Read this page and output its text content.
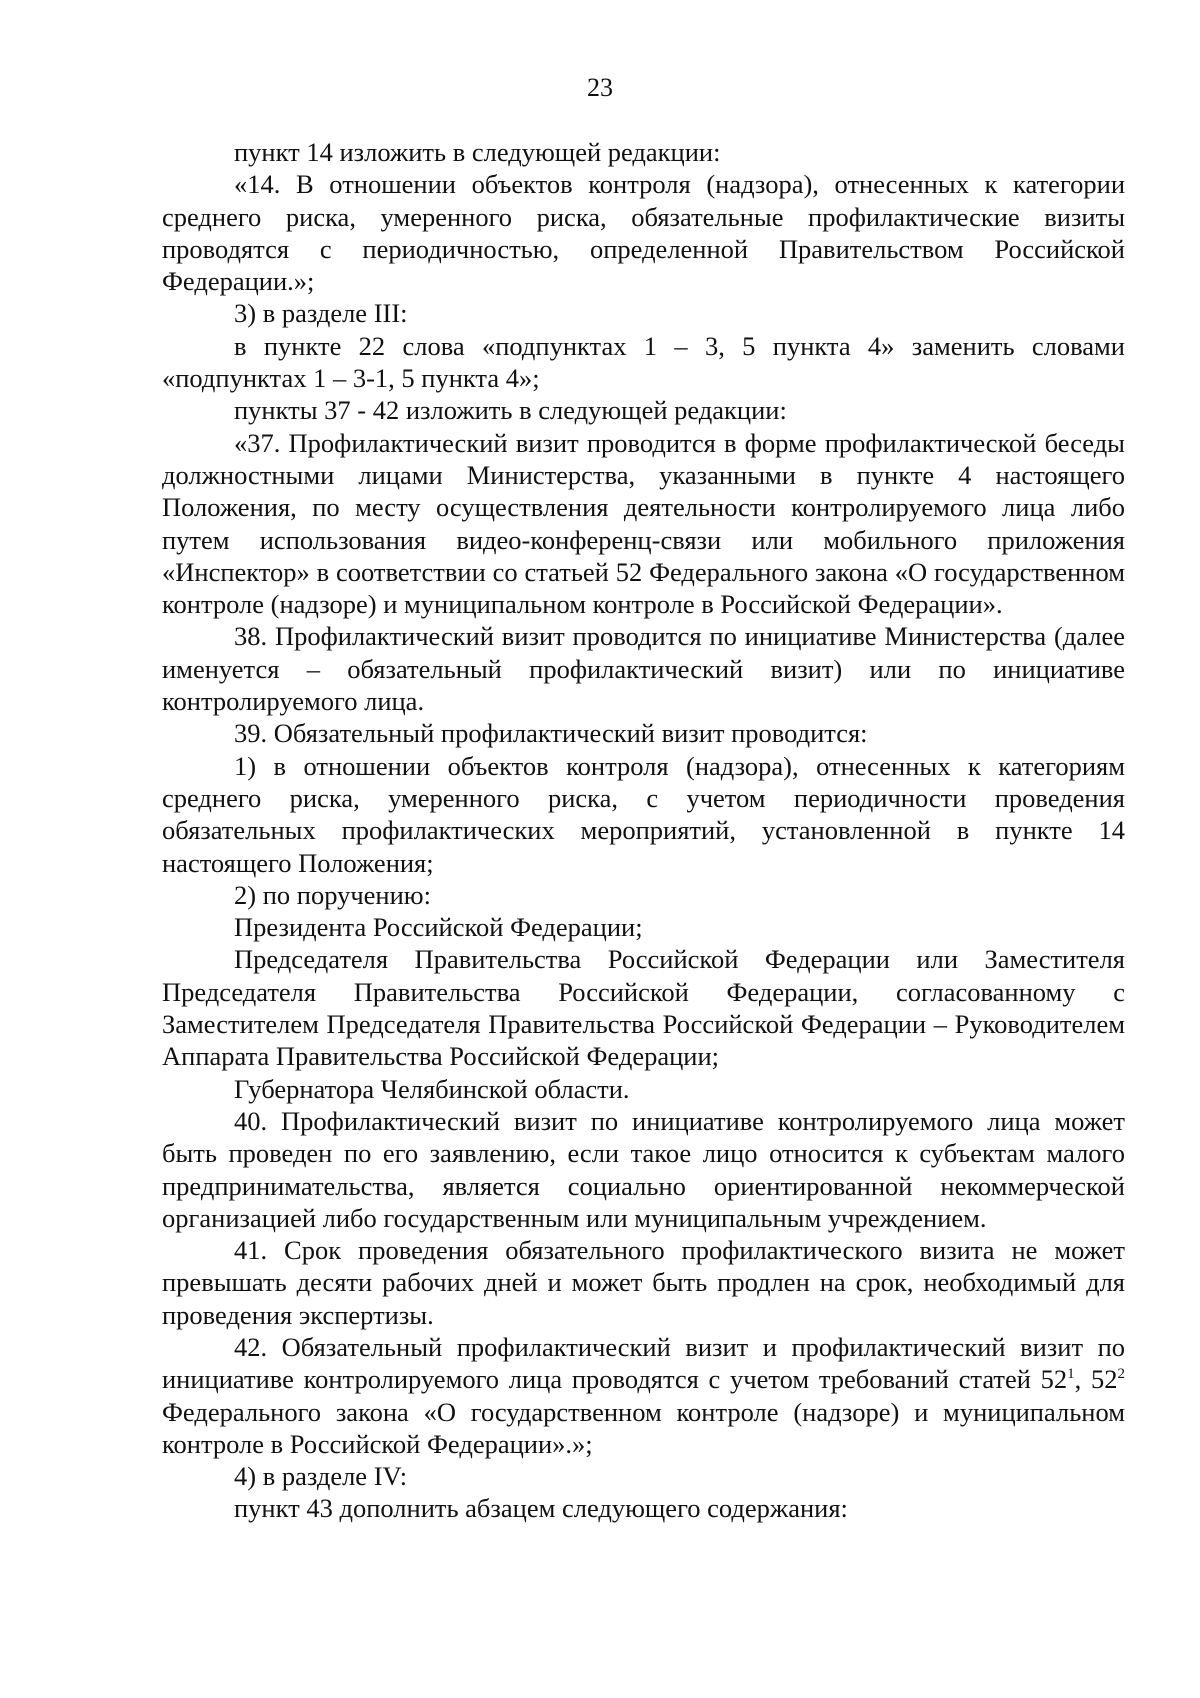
23

пункт 14 изложить в следующей редакции:

«14. В отношении объектов контроля (надзора), отнесенных к категории среднего риска, умеренного риска, обязательные профилактические визиты проводятся с периодичностью, определенной Правительством Российской Федерации.»;

3) в разделе III:

в пункте 22 слова «подпунктах 1 – 3, 5 пункта 4» заменить словами «подпунктах 1 – 3-1, 5 пункта 4»;

пункты 37 - 42 изложить в следующей редакции:

«37. Профилактический визит проводится в форме профилактической беседы должностными лицами Министерства, указанными в пункте 4 настоящего Положения, по месту осуществления деятельности контролируемого лица либо путем использования видео-конференц-связи или мобильного приложения «Инспектор» в соответствии со статьей 52 Федерального закона «О государственном контроле (надзоре) и муниципальном контроле в Российской Федерации».

38. Профилактический визит проводится по инициативе Министерства (далее именуется – обязательный профилактический визит) или по инициативе контролируемого лица.

39. Обязательный профилактический визит проводится:

1) в отношении объектов контроля (надзора), отнесенных к категориям среднего риска, умеренного риска, с учетом периодичности проведения обязательных профилактических мероприятий, установленной в пункте 14 настоящего Положения;

2) по поручению:

Президента Российской Федерации;

Председателя Правительства Российской Федерации или Заместителя Председателя Правительства Российской Федерации, согласованному с Заместителем Председателя Правительства Российской Федерации – Руководителем Аппарата Правительства Российской Федерации;

Губернатора Челябинской области.

40. Профилактический визит по инициативе контролируемого лица может быть проведен по его заявлению, если такое лицо относится к субъектам малого предпринимательства, является социально ориентированной некоммерческой организацией либо государственным или муниципальным учреждением.

41. Срок проведения обязательного профилактического визита не может превышать десяти рабочих дней и может быть продлен на срок, необходимый для проведения экспертизы.

42. Обязательный профилактический визит и профилактический визит по инициативе контролируемого лица проводятся с учетом требований статей $52^1$, $52^2$ Федерального закона «О государственном контроле (надзоре) и муниципальном контроле в Российской Федерации».»;

4) в разделе IV:

пункт 43 дополнить абзацем следующего содержания:
